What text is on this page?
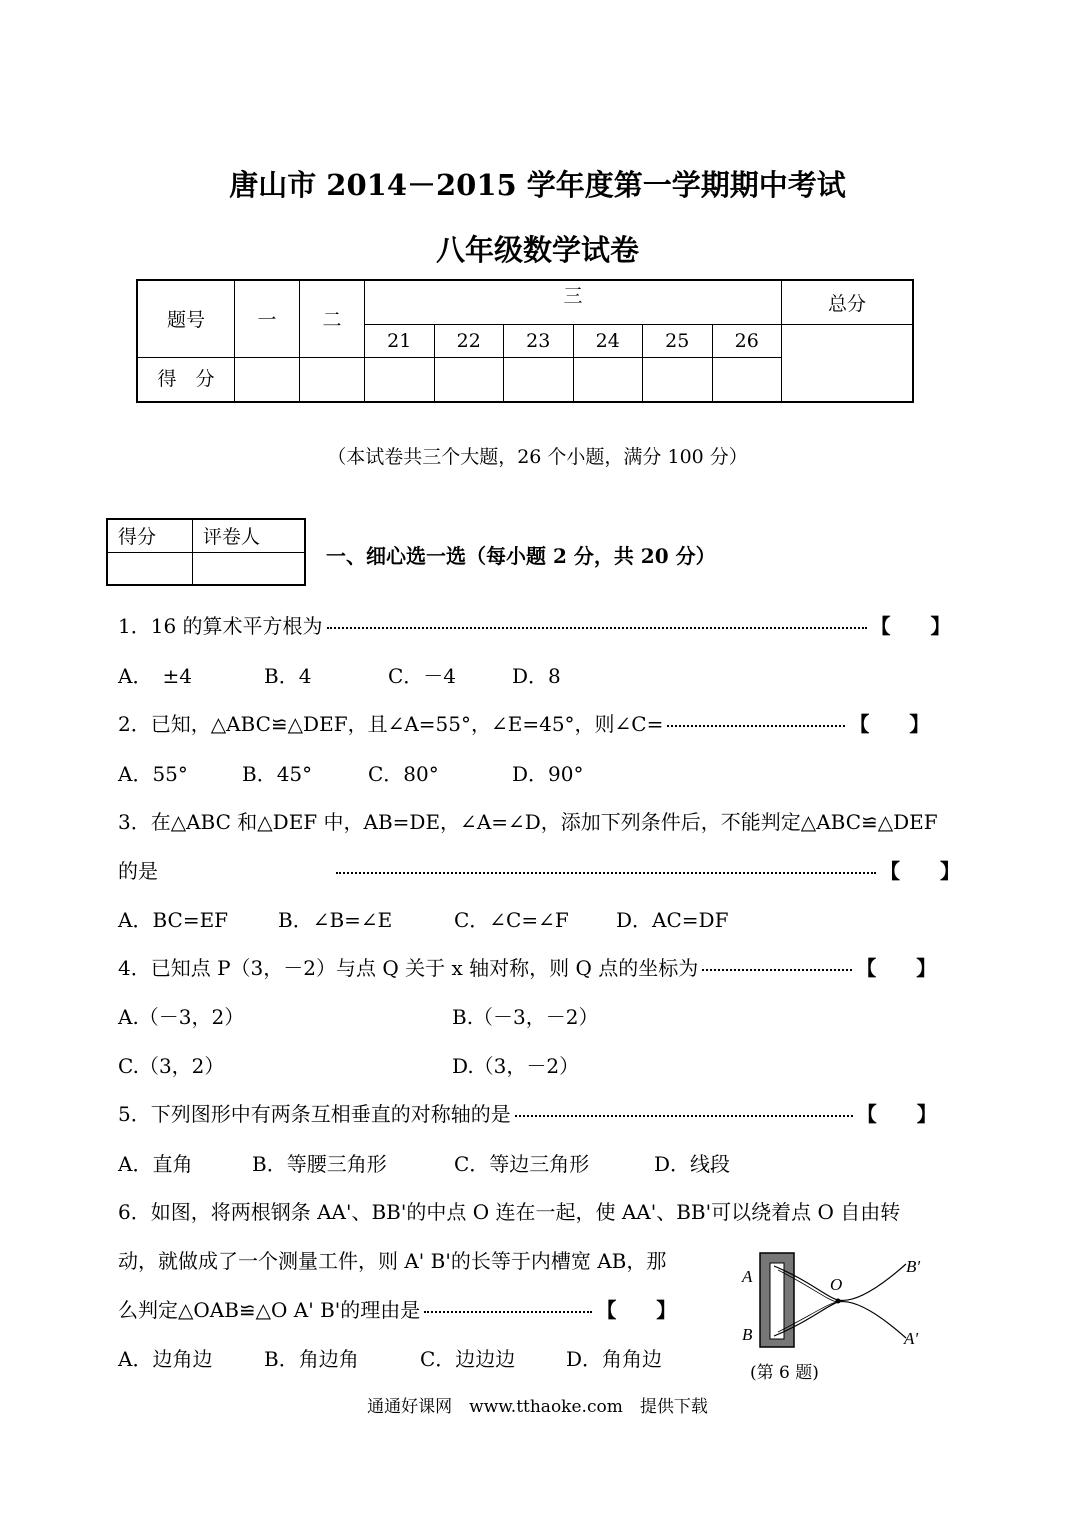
唐山市 2014－2015 学年度第一学期期中考试
八年级数学试卷
题号	一	二	三						总分
			21	22	23	24	25	26	
得　分									
（本试卷共三个大题，26 个小题，满分 100 分）
得分	评卷人

一、细心选一选（每小题 2 分，共 20 分）
1．16 的算术平方根为	【　　】
A．　±4	B．4	C．－4	D．8
2．已知，△ABC≌△DEF，且∠A=55°，∠E=45°，则∠C=	【　　】
A．55°	B．45°	C．80°	D．90°
3．在△ABC 和△DEF 中，AB=DE，∠A=∠D，添加下列条件后，不能判定△ABC≌△DEF
的是	【　　】
A．BC=EF B．∠B=∠E	C．∠C=∠F D．AC=DF
4．已知点 P（3，－2）与点 Q 关于 x 轴对称，则 Q 点的坐标为	【　　】
A.（－3，2）	B.（－3，－2）
C.（3，2）	D.（3，－2）
5．下列图形中有两条互相垂直的对称轴的是	【　　】
A．直角	B．等腰三角形	C．等边三角形	D．线段
6．如图，将两根钢条 AA'、BB'的中点 O 连在一起，使 AA'、BB'可以绕着点 O 自由转
动，就做成了一个测量工件，则 A' B'的长等于内槽宽 AB，那
么判定△OAB≌△O A' B'的理由是	【　　】
A．边角边	B．角边角	C．边边边	D．角角边
A
B
O
B'
A'
(第 6 题)
通通好课网　www.tthaoke.com　提供下载
